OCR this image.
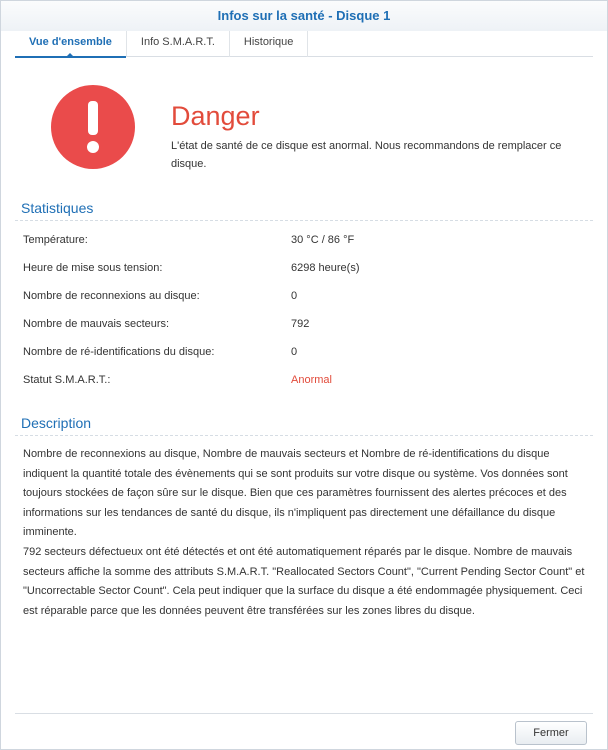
Infos sur la santé - Disque 1
Vue d'ensemble	Info S.M.A.R.T.	Historique
Danger
L'état de santé de ce disque est anormal. Nous recommandons de remplacer ce disque.
Statistiques
Température:	30 °C / 86 °F
Heure de mise sous tension:	6298 heure(s)
Nombre de reconnexions au disque:	0
Nombre de mauvais secteurs:	792
Nombre de ré-identifications du disque:	0
Statut S.M.A.R.T.:	Anormal
Description
Nombre de reconnexions au disque, Nombre de mauvais secteurs et Nombre de ré-identifications du disque indiquent la quantité totale des évènements qui se sont produits sur votre disque ou système. Vos données sont toujours stockées de façon sûre sur le disque. Bien que ces paramètres fournissent des alertes précoces et des informations sur les tendances de santé du disque, ils n'impliquent pas directement une défaillance du disque imminente.
792 secteurs défectueux ont été détectés et ont été automatiquement réparés par le disque. Nombre de mauvais secteurs affiche la somme des attributs S.M.A.R.T. "Reallocated Sectors Count", "Current Pending Sector Count" et "Uncorrectable Sector Count". Cela peut indiquer que la surface du disque a été endommagée physiquement. Ceci est réparable parce que les données peuvent être transférées sur les zones libres du disque.
Fermer
